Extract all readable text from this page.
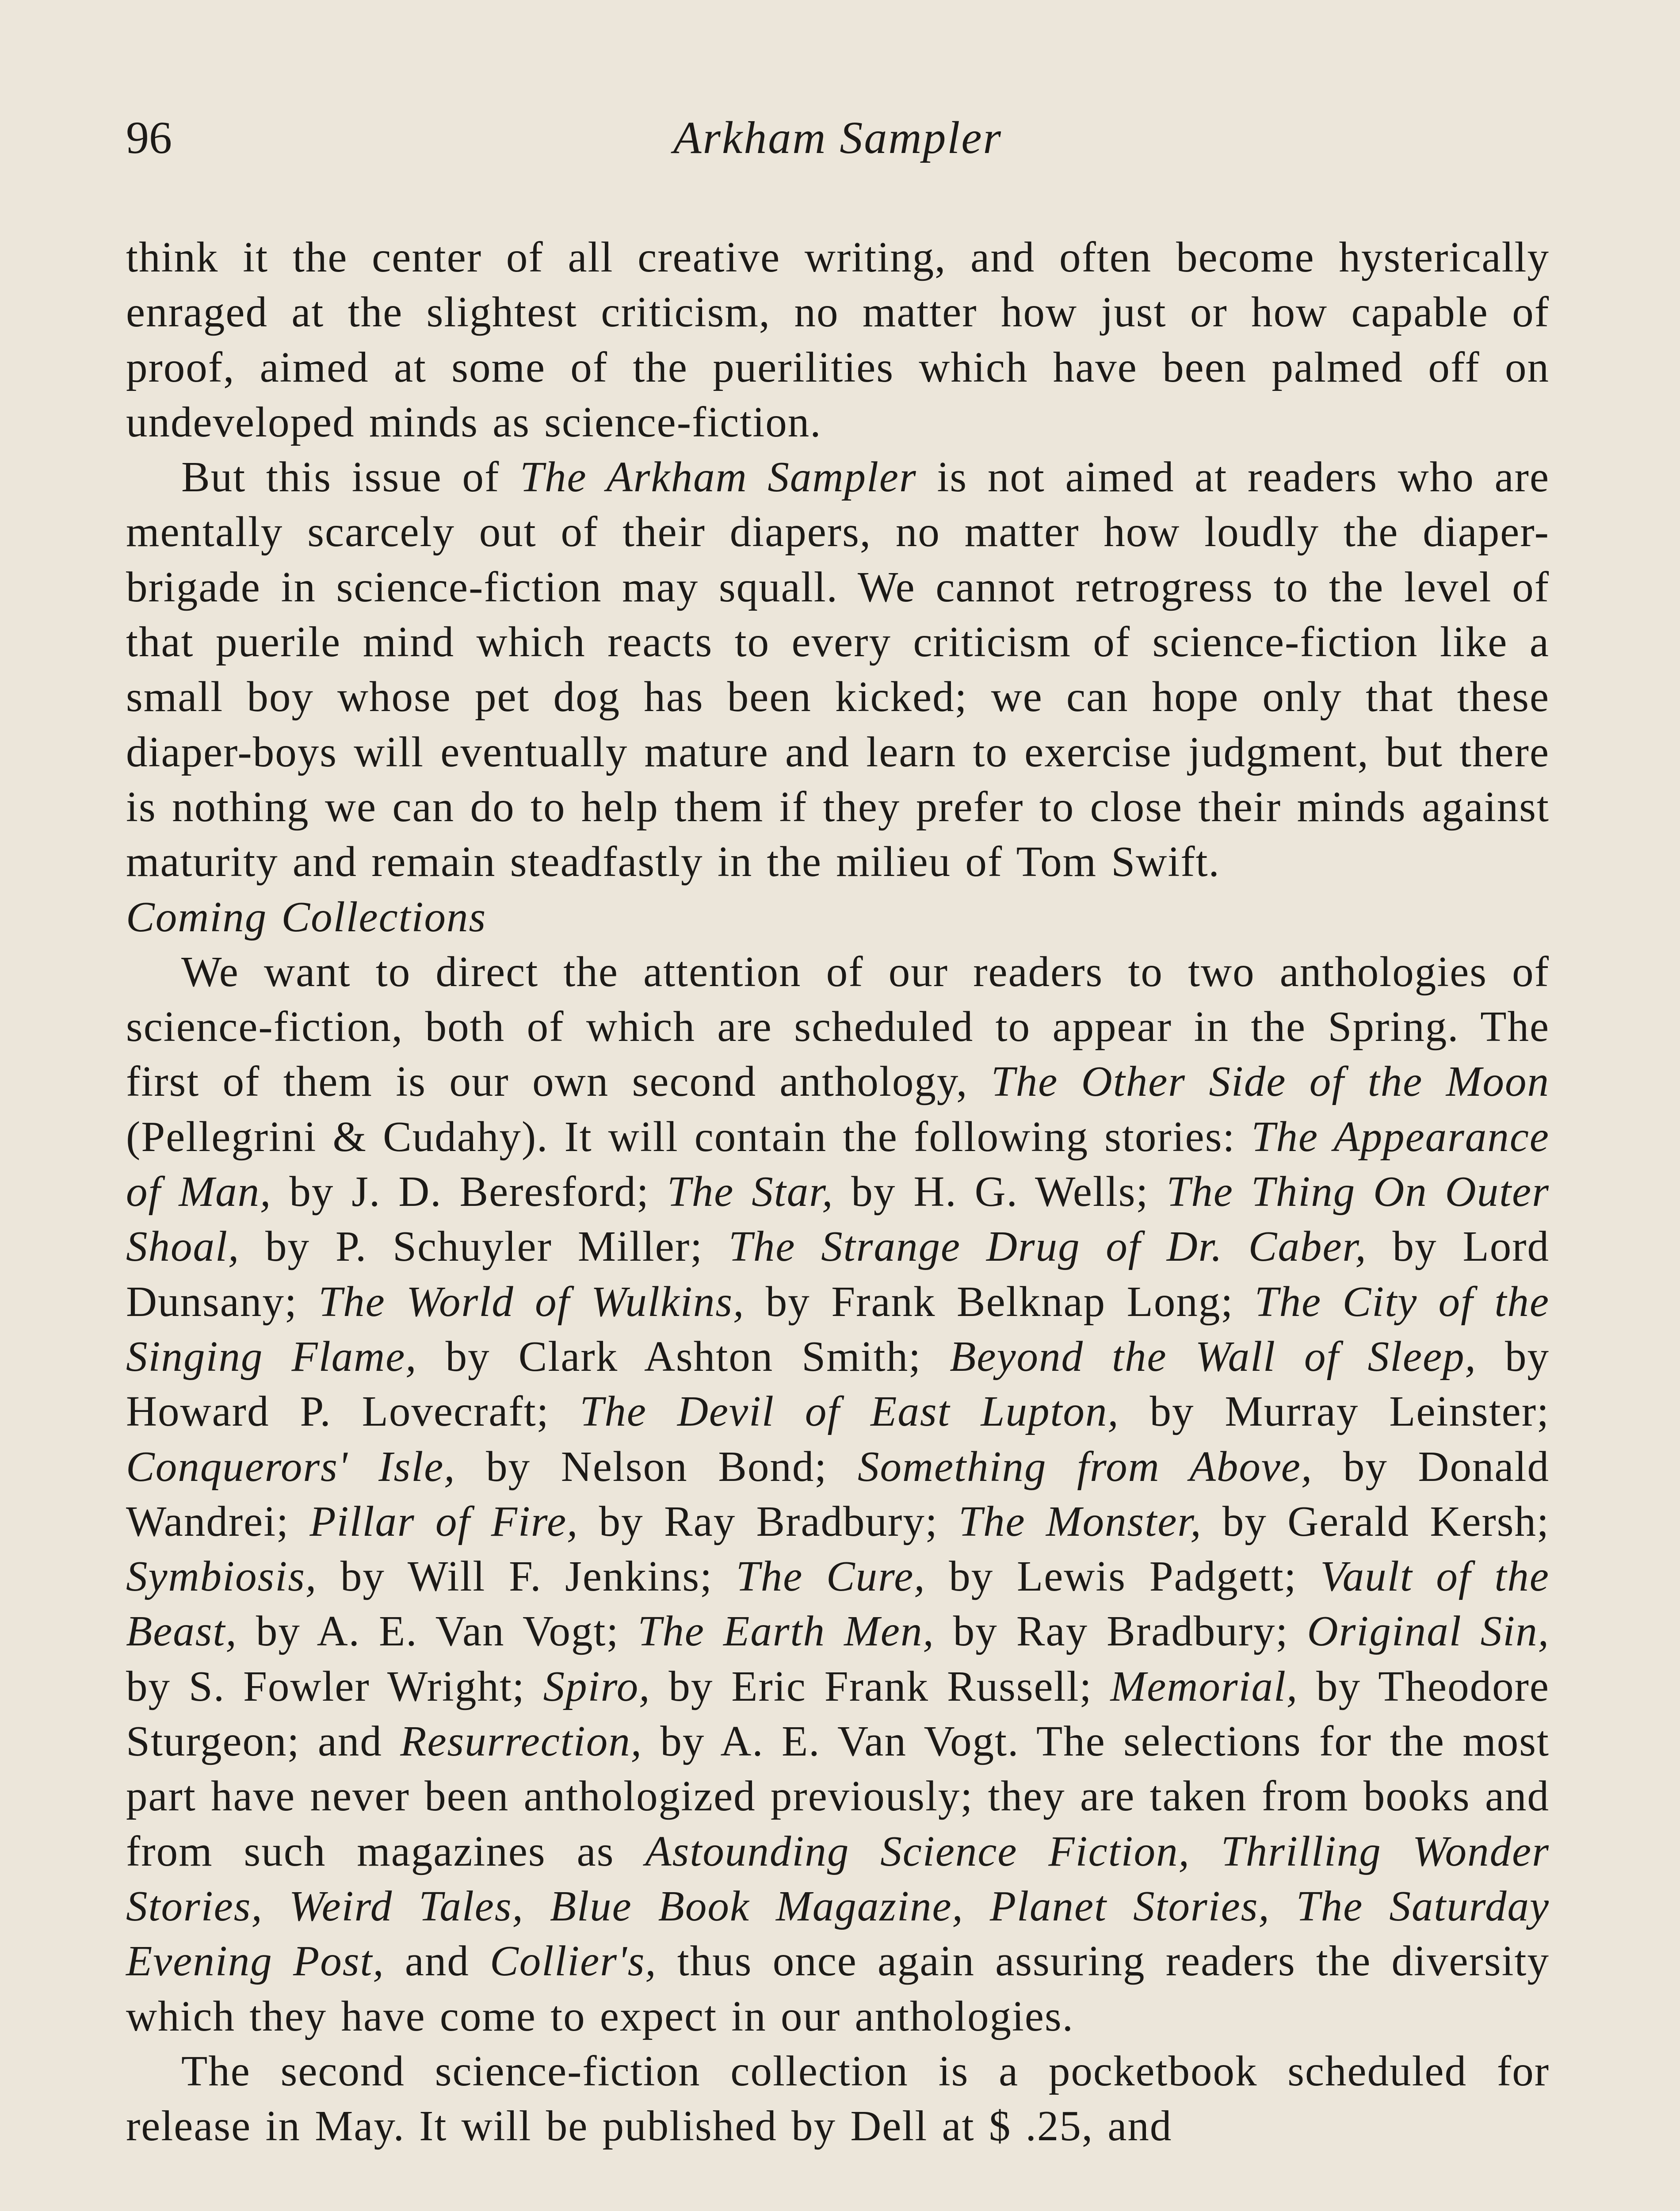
96	Arkham Sampler

think it the center of all creative writing, and often become hysterically enraged at the slightest criticism, no matter how just or how capable of proof, aimed at some of the puerilities which have been palmed off on undeveloped minds as science-fiction.

But this issue of The Arkham Sampler is not aimed at readers who are mentally scarcely out of their diapers, no matter how loudly the diaper-brigade in science-fiction may squall. We cannot retrogress to the level of that puerile mind which reacts to every criticism of science-fiction like a small boy whose pet dog has been kicked; we can hope only that these diaper-boys will eventually mature and learn to exercise judgment, but there is nothing we can do to help them if they prefer to close their minds against maturity and remain steadfastly in the milieu of Tom Swift.

Coming Collections

We want to direct the attention of our readers to two anthologies of science-fiction, both of which are scheduled to appear in the Spring. The first of them is our own second anthology, The Other Side of the Moon (Pellegrini & Cudahy). It will contain the following stories: The Appearance of Man, by J. D. Beresford; The Star, by H. G. Wells; The Thing On Outer Shoal, by P. Schuyler Miller; The Strange Drug of Dr. Caber, by Lord Dunsany; The World of Wulkins, by Frank Belknap Long; The City of the Singing Flame, by Clark Ashton Smith; Beyond the Wall of Sleep, by Howard P. Lovecraft; The Devil of East Lupton, by Murray Leinster; Conquerors' Isle, by Nelson Bond; Something from Above, by Donald Wandrei; Pillar of Fire, by Ray Bradbury; The Monster, by Gerald Kersh; Symbiosis, by Will F. Jenkins; The Cure, by Lewis Padgett; Vault of the Beast, by A. E. Van Vogt; The Earth Men, by Ray Bradbury; Original Sin, by S. Fowler Wright; Spiro, by Eric Frank Russell; Memorial, by Theodore Sturgeon; and Resurrection, by A. E. Van Vogt. The selections for the most part have never been anthologized previously; they are taken from books and from such magazines as Astounding Science Fiction, Thrilling Wonder Stories, Weird Tales, Blue Book Magazine, Planet Stories, The Saturday Evening Post, and Collier's, thus once again assuring readers the diversity which they have come to expect in our anthologies.

The second science-fiction collection is a pocketbook scheduled for release in May. It will be published by Dell at $ .25, and
